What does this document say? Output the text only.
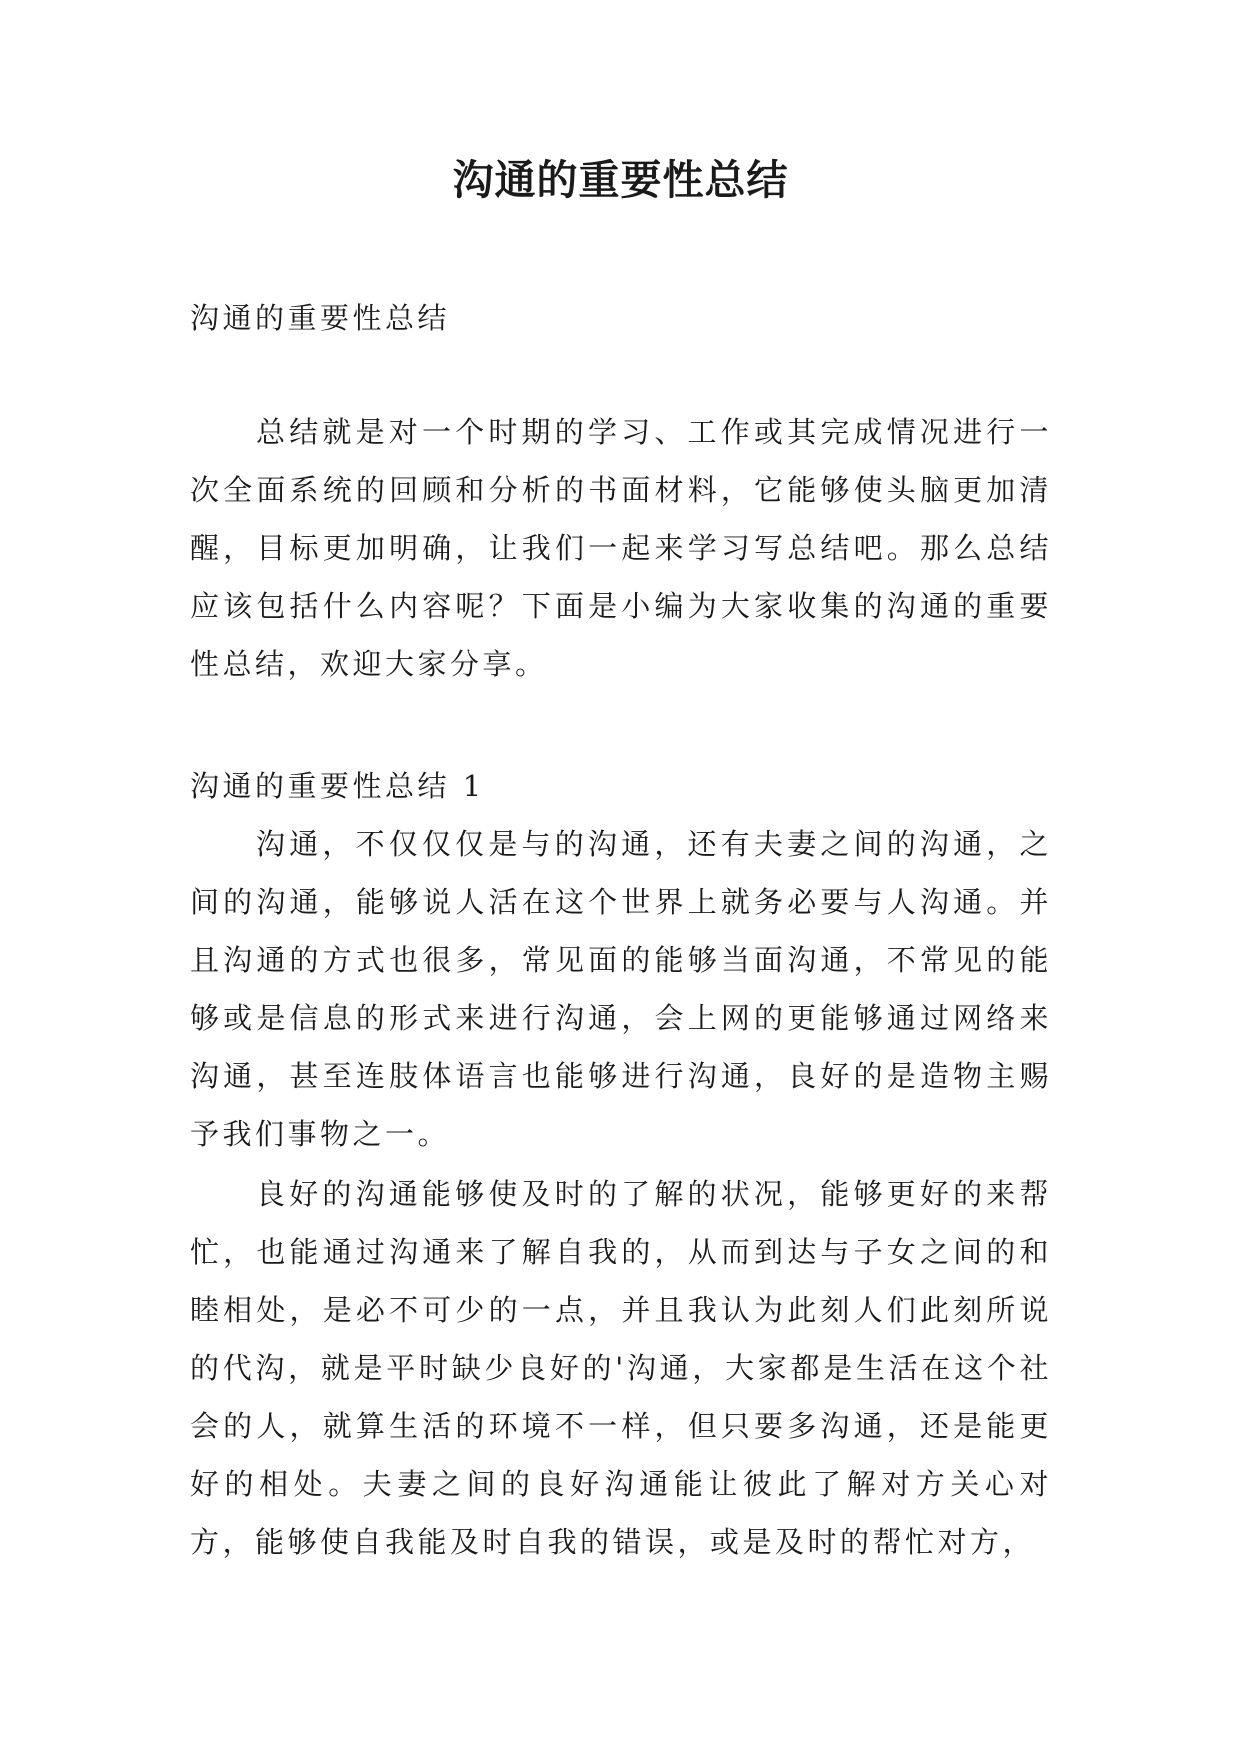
沟通的重要性总结

沟通的重要性总结

总结就是对一个时期的学习、工作或其完成情况进行一次全面系统的回顾和分析的书面材料，它能够使头脑更加清醒，目标更加明确，让我们一起来学习写总结吧。那么总结应该包括什么内容呢？下面是小编为大家收集的沟通的重要性总结，欢迎大家分享。

沟通的重要性总结 1

沟通，不仅仅仅是与的沟通，还有夫妻之间的沟通，之间的沟通，能够说人活在这个世界上就务必要与人沟通。并且沟通的方式也很多，常见面的能够当面沟通，不常见的能够或是信息的形式来进行沟通，会上网的更能够通过网络来沟通，甚至连肢体语言也能够进行沟通，良好的是造物主赐予我们事物之一。

良好的沟通能够使及时的了解的状况，能够更好的来帮忙，也能通过沟通来了解自我的，从而到达与子女之间的和睦相处，是必不可少的一点，并且我认为此刻人们此刻所说的代沟，就是平时缺少良好的'沟通，大家都是生活在这个社会的人，就算生活的环境不一样，但只要多沟通，还是能更好的相处。夫妻之间的良好沟通能让彼此了解对方关心对方，能够使自我能及时自我的错误，或是及时的帮忙对方，
